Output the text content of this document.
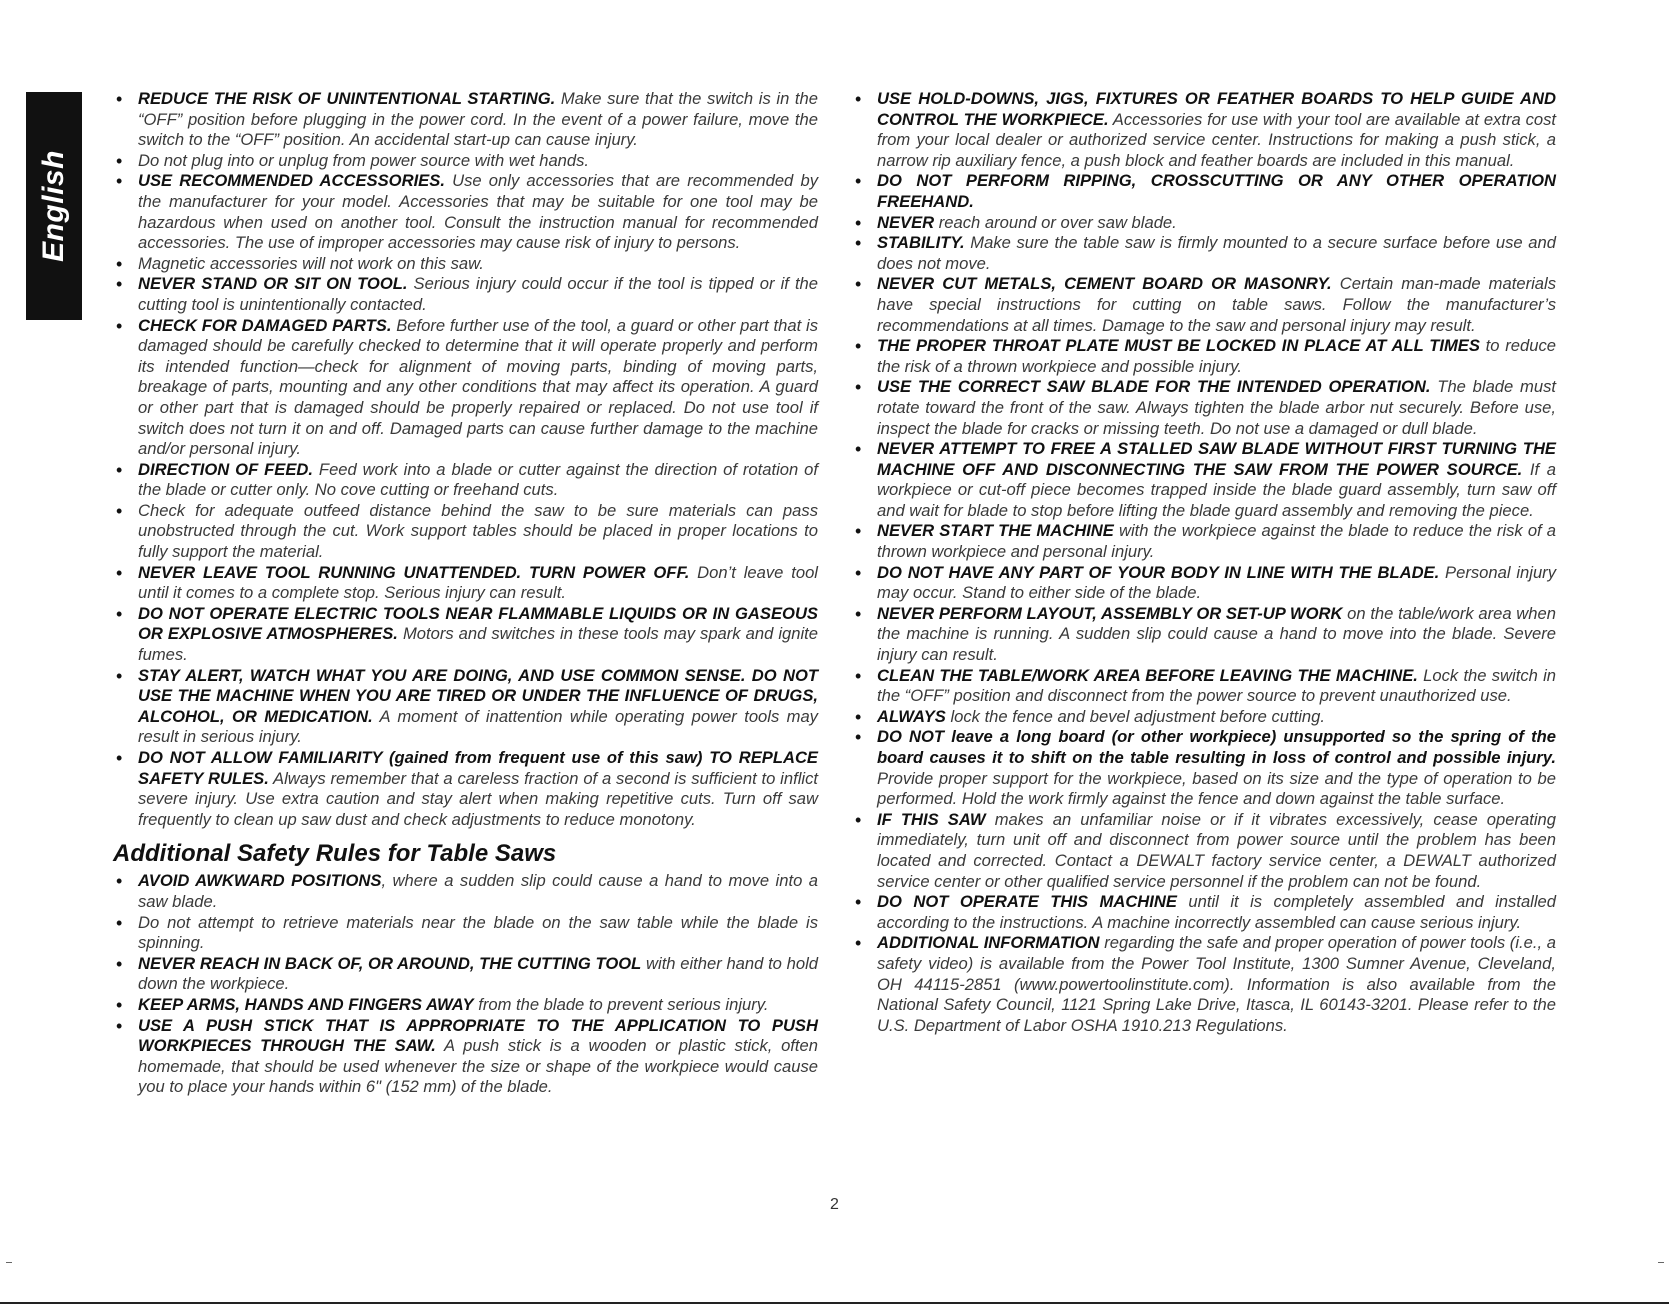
English
• REDUCE THE RISK OF UNINTENTIONAL STARTING. Make sure that the switch is in the “OFF” position before plugging in the power cord. In the event of a power failure, move the switch to the “OFF” position. An accidental start-up can cause injury.
• Do not plug into or unplug from power source with wet hands.
• USE RECOMMENDED ACCESSORIES. Use only accessories that are recommended by the manufacturer for your model. Accessories that may be suitable for one tool may be hazardous when used on another tool. Consult the instruction manual for recommended accessories. The use of improper accessories may cause risk of injury to persons.
• Magnetic accessories will not work on this saw.
• NEVER STAND OR SIT ON TOOL. Serious injury could occur if the tool is tipped or if the cutting tool is unintentionally contacted.
• CHECK FOR DAMAGED PARTS. Before further use of the tool, a guard or other part that is damaged should be carefully checked to determine that it will operate properly and perform its intended function—check for alignment of moving parts, binding of moving parts, breakage of parts, mounting and any other conditions that may affect its operation. A guard or other part that is damaged should be properly repaired or replaced. Do not use tool if switch does not turn it on and off. Damaged parts can cause further damage to the machine and/or personal injury.
• DIRECTION OF FEED. Feed work into a blade or cutter against the direction of rotation of the blade or cutter only. No cove cutting or freehand cuts.
• Check for adequate outfeed distance behind the saw to be sure materials can pass unobstructed through the cut. Work support tables should be placed in proper locations to fully support the material.
• NEVER LEAVE TOOL RUNNING UNATTENDED. TURN POWER OFF. Don’t leave tool until it comes to a complete stop. Serious injury can result.
• DO NOT OPERATE ELECTRIC TOOLS NEAR FLAMMABLE LIQUIDS OR IN GASEOUS OR EXPLOSIVE ATMOSPHERES. Motors and switches in these tools may spark and ignite fumes.
• STAY ALERT, WATCH WHAT YOU ARE DOING, AND USE COMMON SENSE. DO NOT USE THE MACHINE WHEN YOU ARE TIRED OR UNDER THE INFLUENCE OF DRUGS, ALCOHOL, OR MEDICATION. A moment of inattention while operating power tools may result in serious injury.
• DO NOT ALLOW FAMILIARITY (gained from frequent use of this saw) TO REPLACE SAFETY RULES. Always remember that a careless fraction of a second is sufficient to inflict severe injury. Use extra caution and stay alert when making repetitive cuts. Turn off saw frequently to clean up saw dust and check adjustments to reduce monotony.
Additional Safety Rules for Table Saws
• AVOID AWKWARD POSITIONS, where a sudden slip could cause a hand to move into a saw blade.
• Do not attempt to retrieve materials near the blade on the saw table while the blade is spinning.
• NEVER REACH IN BACK OF, OR AROUND, THE CUTTING TOOL with either hand to hold down the workpiece.
• KEEP ARMS, HANDS AND FINGERS AWAY from the blade to prevent serious injury.
• USE A PUSH STICK THAT IS APPROPRIATE TO THE APPLICATION TO PUSH WORKPIECES THROUGH THE SAW. A push stick is a wooden or plastic stick, often homemade, that should be used whenever the size or shape of the workpiece would cause you to place your hands within 6" (152 mm) of the blade.
• USE HOLD-DOWNS, JIGS, FIXTURES OR FEATHER BOARDS TO HELP GUIDE AND CONTROL THE WORKPIECE. Accessories for use with your tool are available at extra cost from your local dealer or authorized service center. Instructions for making a push stick, a narrow rip auxiliary fence, a push block and feather boards are included in this manual.
• DO NOT PERFORM RIPPING, CROSSCUTTING OR ANY OTHER OPERATION FREEHAND.
• NEVER reach around or over saw blade.
• STABILITY. Make sure the table saw is firmly mounted to a secure surface before use and does not move.
• NEVER CUT METALS, CEMENT BOARD OR MASONRY. Certain man-made materials have special instructions for cutting on table saws. Follow the manufacturer’s recommendations at all times. Damage to the saw and personal injury may result.
• THE PROPER THROAT PLATE MUST BE LOCKED IN PLACE AT ALL TIMES to reduce the risk of a thrown workpiece and possible injury.
• USE THE CORRECT SAW BLADE FOR THE INTENDED OPERATION. The blade must rotate toward the front of the saw. Always tighten the blade arbor nut securely. Before use, inspect the blade for cracks or missing teeth. Do not use a damaged or dull blade.
• NEVER ATTEMPT TO FREE A STALLED SAW BLADE WITHOUT FIRST TURNING THE MACHINE OFF AND DISCONNECTING THE SAW FROM THE POWER SOURCE. If a workpiece or cut-off piece becomes trapped inside the blade guard assembly, turn saw off and wait for blade to stop before lifting the blade guard assembly and removing the piece.
• NEVER START THE MACHINE with the workpiece against the blade to reduce the risk of a thrown workpiece and personal injury.
• DO NOT HAVE ANY PART OF YOUR BODY IN LINE WITH THE BLADE. Personal injury may occur. Stand to either side of the blade.
• NEVER PERFORM LAYOUT, ASSEMBLY OR SET-UP WORK on the table/work area when the machine is running. A sudden slip could cause a hand to move into the blade. Severe injury can result.
• CLEAN THE TABLE/WORK AREA BEFORE LEAVING THE MACHINE. Lock the switch in the “OFF” position and disconnect from the power source to prevent unauthorized use.
• ALWAYS lock the fence and bevel adjustment before cutting.
• DO NOT leave a long board (or other workpiece) unsupported so the spring of the board causes it to shift on the table resulting in loss of control and possible injury. Provide proper support for the workpiece, based on its size and the type of operation to be performed. Hold the work firmly against the fence and down against the table surface.
• IF THIS SAW makes an unfamiliar noise or if it vibrates excessively, cease operating immediately, turn unit off and disconnect from power source until the problem has been located and corrected. Contact a DEWALT factory service center, a DEWALT authorized service center or other qualified service personnel if the problem can not be found.
• DO NOT OPERATE THIS MACHINE until it is completely assembled and installed according to the instructions. A machine incorrectly assembled can cause serious injury.
• ADDITIONAL INFORMATION regarding the safe and proper operation of power tools (i.e., a safety video) is available from the Power Tool Institute, 1300 Sumner Avenue, Cleveland, OH 44115-2851 (www.powertoolinstitute.com). Information is also available from the National Safety Council, 1121 Spring Lake Drive, Itasca, IL 60143-3201. Please refer to the U.S. Department of Labor OSHA 1910.213 Regulations.
2
